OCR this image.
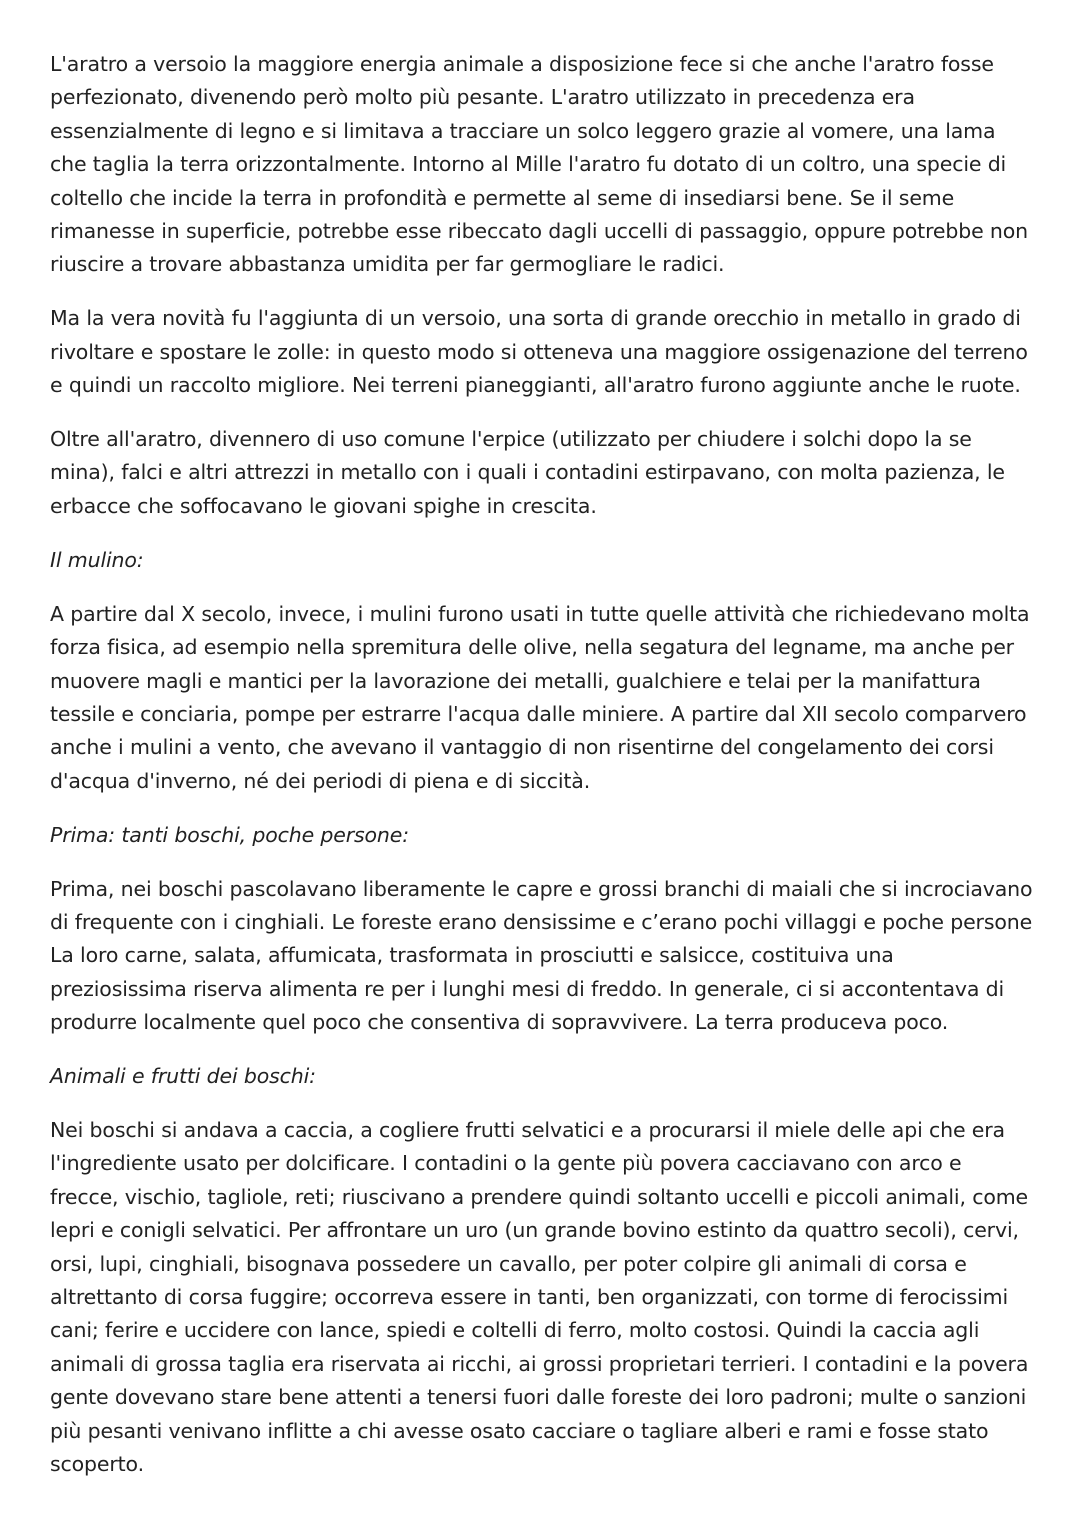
L'aratro a versoio la maggiore energia animale a disposizione fece si che anche l'aratro fosse perfezionato, divenendo però molto più pesante. L'aratro utilizzato in precedenza era essenzialmente di legno e si limitava a tracciare un solco leggero grazie al vomere, una lama che taglia la terra orizzontalmente. Intorno al Mille l'aratro fu dotato di un coltro, una specie di coltello che incide la terra in profondità e permette al seme di insediarsi bene. Se il seme rimanesse in superficie, potrebbe esse ribeccato dagli uccelli di passaggio, oppure potrebbe non riuscire a trovare abbastanza umidita per far germogliare le radici.

Ma la vera novità fu l'aggiunta di un versoio, una sorta di grande orecchio in metallo in grado di rivoltare e spostare le zolle: in questo modo si otteneva una maggiore ossigenazione del terreno e quindi un raccolto migliore. Nei terreni pianeggianti, all'aratro furono aggiunte anche le ruote.

Oltre all'aratro, divennero di uso comune l'erpice (utilizzato per chiudere i solchi dopo la se mina), falci e altri attrezzi in metallo con i quali i contadini estirpavano, con molta pazienza, le erbacce che soffocavano le giovani spighe in crescita.

Il mulino:

A partire dal X secolo, invece, i mulini furono usati in tutte quelle attività che richiedevano molta forza fisica, ad esempio nella spremitura delle olive, nella segatura del legname, ma anche per muovere magli e mantici per la lavorazione dei metalli, gualchiere e telai per la manifattura tessile e conciaria, pompe per estrarre l'acqua dalle miniere. A partire dal XII secolo comparvero anche i mulini a vento, che avevano il vantaggio di non risentirne del congelamento dei corsi d'acqua d'inverno, né dei periodi di piena e di siccità.

Prima: tanti boschi, poche persone:

Prima, nei boschi pascolavano liberamente le capre e grossi branchi di maiali che si incrociavano di frequente con i cinghiali. Le foreste erano densissime e c’erano pochi villaggi e poche persone La loro carne, salata, affumicata, trasformata in prosciutti e salsicce, costituiva una preziosissima riserva alimenta re per i lunghi mesi di freddo. In generale, ci si accontentava di produrre localmente quel poco che consentiva di sopravvivere. La terra produceva poco.

Animali e frutti dei boschi:

Nei boschi si andava a caccia, a cogliere frutti selvatici e a procurarsi il miele delle api che era l'ingrediente usato per dolcificare. I contadini o la gente più povera cacciavano con arco e frecce, vischio, tagliole, reti; riuscivano a prendere quindi soltanto uccelli e piccoli animali, come lepri e conigli selvatici. Per affrontare un uro (un grande bovino estinto da quattro secoli), cervi, orsi, lupi, cinghiali, bisognava possedere un cavallo, per poter colpire gli animali di corsa e altrettanto di corsa fuggire; occorreva essere in tanti, ben organizzati, con torme di ferocissimi cani; ferire e uccidere con lance, spiedi e coltelli di ferro, molto costosi. Quindi la caccia agli animali di grossa taglia era riservata ai ricchi, ai grossi proprietari terrieri. I contadini e la povera gente dovevano stare bene attenti a tenersi fuori dalle foreste dei loro padroni; multe o sanzioni più pesanti venivano inflitte a chi avesse osato cacciare o tagliare alberi e rami e fosse stato scoperto.
